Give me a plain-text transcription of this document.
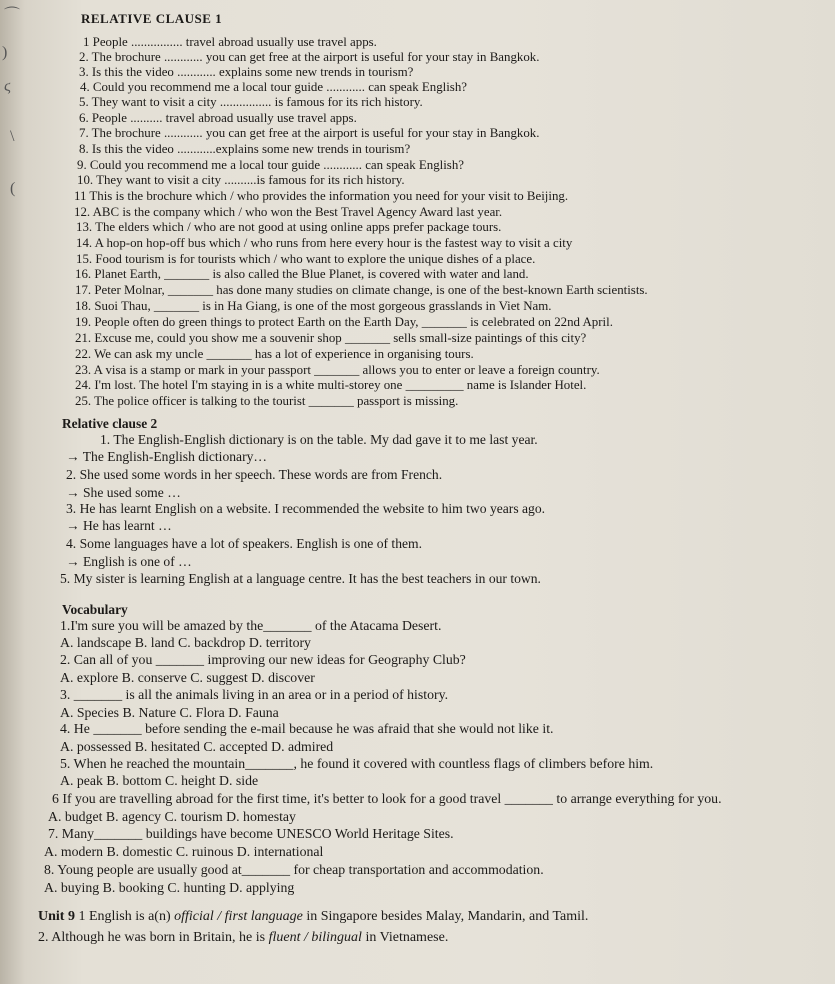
⌒
)
ϛ
\
(
RELATIVE CLAUSE 1
1 People ................ travel abroad usually use travel apps.
2. The brochure ............ you can get free at the airport is useful for your stay in Bangkok.
3. Is this the video ............ explains some new trends in tourism?
4. Could you recommend me a local tour guide ............ can speak English?
5. They want to visit a city ................ is famous for its rich history.
6. People .......... travel abroad usually use travel apps.
7. The brochure ............ you can get free at the airport is useful for your stay in Bangkok.
8. Is this the video ............explains some new trends in tourism?
9. Could you recommend me a local tour guide ............ can speak English?
10. They want to visit a city ..........is famous for its rich history.
11 This is the brochure which / who provides the information you need for your visit to Beijing.
12. ABC is the company which / who won the Best Travel Agency Award last year.
13. The elders which / who are not good at using online apps prefer package tours.
14. A hop-on hop-off bus which / who runs from here every hour is the fastest way to visit a city
15. Food tourism is for tourists which / who want to explore the unique dishes of a place.
16. Planet Earth, _______ is also called the Blue Planet, is covered with water and land.
17. Peter Molnar, _______ has done many studies on climate change, is one of the best-known Earth scientists.
18. Suoi Thau, _______ is in Ha Giang, is one of the most gorgeous grasslands in Viet Nam.
19. People often do green things to protect Earth on the Earth Day, _______ is celebrated on 22nd April.
21. Excuse me, could you show me a souvenir shop _______ sells small-size paintings of this city?
22. We can ask my uncle _______ has a lot of experience in organising tours.
23. A visa is a stamp or mark in your passport _______ allows you to enter or leave a foreign country.
24. I'm lost. The hotel I'm staying in is a white multi-storey one _________ name is Islander Hotel.
25. The police officer is talking to the tourist _______ passport is missing.
Relative clause 2
1. The English-English dictionary is on the table. My dad gave it to me last year.
→ The English-English dictionary…
2. She used some words in her speech. These words are from French.
→ She used some …
3. He has learnt English on a website. I recommended the website to him two years ago.
→ He has learnt …
4. Some languages have a lot of speakers. English is one of them.
→ English is one of …
5. My sister is learning English at a language centre. It has the best teachers in our town.
Vocabulary
1.I'm sure you will be amazed by the_______ of the Atacama Desert.
A. landscape B. land C. backdrop D. territory
2. Can all of you _______ improving our new ideas for Geography Club?
A. explore B. conserve C. suggest D. discover
3. _______ is all the animals living in an area or in a period of history.
A. Species B. Nature C. Flora D. Fauna
4. He _______ before sending the e-mail because he was afraid that she would not like it.
A. possessed B. hesitated C. accepted D. admired
5. When he reached the mountain_______, he found it covered with countless flags of climbers before him.
A. peak B. bottom C. height D. side
6 If you are travelling abroad for the first time, it's better to look for a good travel _______ to arrange everything for you.
A. budget B. agency C. tourism D. homestay
7. Many_______ buildings have become UNESCO World Heritage Sites.
A. modern B. domestic C. ruinous D. international
8. Young people are usually good at_______ for cheap transportation and accommodation.
A. buying B. booking C. hunting D. applying
Unit 9 1 English is a(n) official / first language in Singapore besides Malay, Mandarin, and Tamil.
2. Although he was born in Britain, he is fluent / bilingual in Vietnamese.
